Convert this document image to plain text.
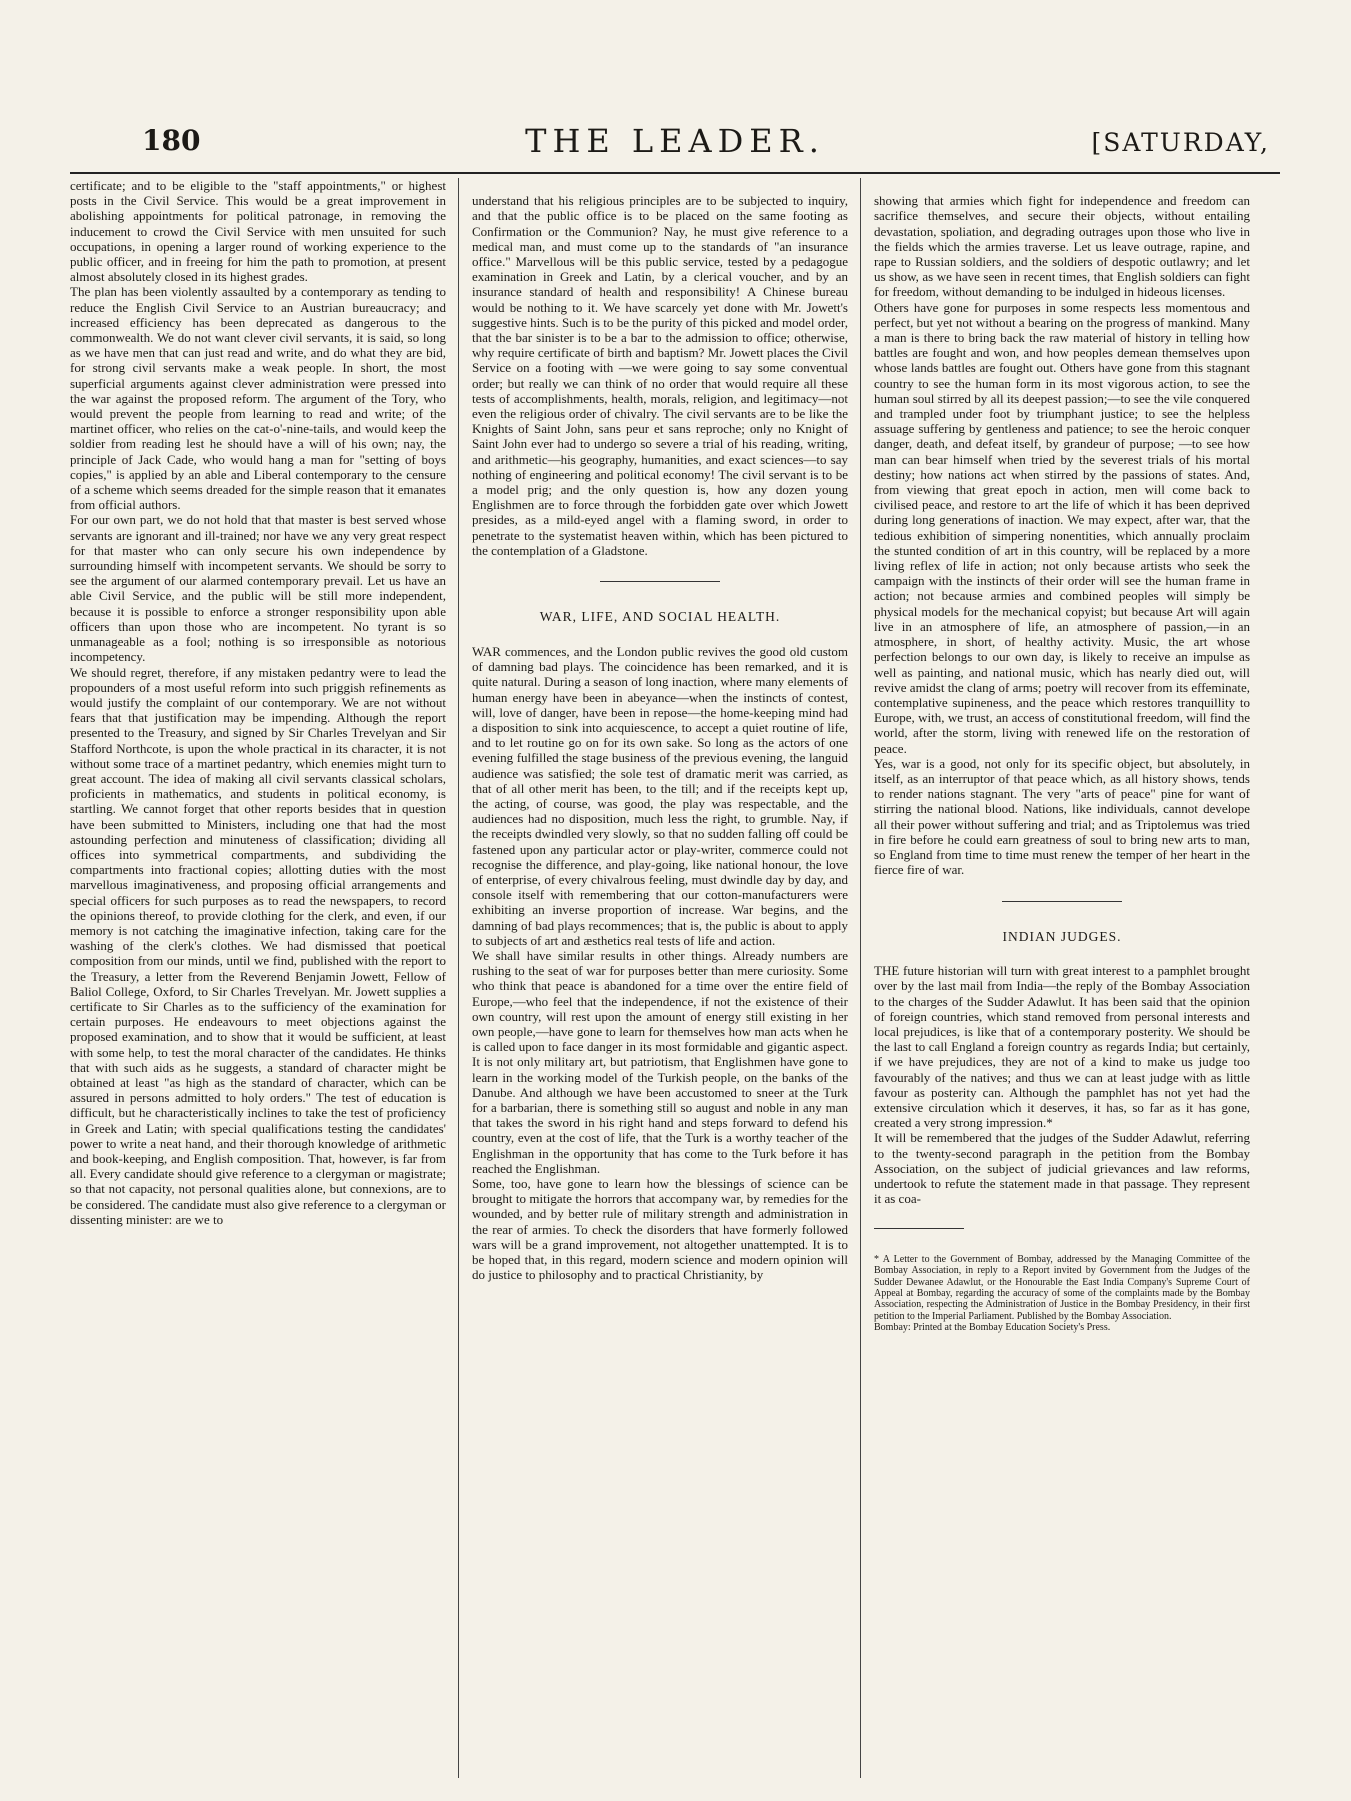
180	THE LEADER.	[SATURDAY,
certificate; and to be eligible to the "staff appointments," or highest posts in the Civil Service. This would be a great improvement in abolishing appointments for political patronage, in removing the inducement to crowd the Civil Service with men unsuited for such occupations, in opening a larger round of working experience to the public officer, and in freeing for him the path to promotion, at present almost absolutely closed in its highest grades.
The plan has been violently assaulted by a contemporary as tending to reduce the English Civil Service to an Austrian bureaucracy; and increased efficiency has been deprecated as dangerous to the commonwealth. We do not want clever civil servants, it is said, so long as we have men that can just read and write, and do what they are bid, for strong civil servants make a weak people. In short, the most superficial arguments against clever administration were pressed into the war against the proposed reform. The argument of the Tory, who would prevent the people from learning to read and write; of the martinet officer, who relies on the cat-o'-nine-tails, and would keep the soldier from reading lest he should have a will of his own; nay, the principle of Jack Cade, who would hang a man for "setting of boys copies," is applied by an able and Liberal contemporary to the censure of a scheme which seems dreaded for the simple reason that it emanates from official authors.
For our own part, we do not hold that that master is best served whose servants are ignorant and ill-trained; nor have we any very great respect for that master who can only secure his own independence by surrounding himself with incompetent servants. We should be sorry to see the argument of our alarmed contemporary prevail. Let us have an able Civil Service, and the public will be still more independent, because it is possible to enforce a stronger responsibility upon able officers than upon those who are incompetent. No tyrant is so unmanageable as a fool; nothing is so irresponsible as notorious incompetency.
We should regret, therefore, if any mistaken pedantry were to lead the propounders of a most useful reform into such priggish refinements as would justify the complaint of our contemporary. We are not without fears that that justification may be impending. Although the report presented to the Treasury, and signed by Sir Charles Trevelyan and Sir Stafford Northcote, is upon the whole practical in its character, it is not without some trace of a martinet pedantry, which enemies might turn to great account. The idea of making all civil servants classical scholars, proficients in mathematics, and students in political economy, is startling. We cannot forget that other reports besides that in question have been submitted to Ministers, including one that had the most astounding perfection and minuteness of classification; dividing all offices into symmetrical compartments, and subdividing the compartments into fractional copies; allotting duties with the most marvellous imaginativeness, and proposing official arrangements and special officers for such purposes as to read the newspapers, to record the opinions thereof, to provide clothing for the clerk, and even, if our memory is not catching the imaginative infection, taking care for the washing of the clerk's clothes. We had dismissed that poetical composition from our minds, until we find, published with the report to the Treasury, a letter from the Reverend Benjamin Jowett, Fellow of Baliol College, Oxford, to Sir Charles Trevelyan. Mr. Jowett supplies a certificate to Sir Charles as to the sufficiency of the examination for certain purposes. He endeavours to meet objections against the proposed examination, and to show that it would be sufficient, at least with some help, to test the moral character of the candidates. He thinks that with such aids as he suggests, a standard of character might be obtained at least "as high as the standard of character, which can be assured in persons admitted to holy orders." The test of education is difficult, but he characteristically inclines to take the test of proficiency in Greek and Latin; with special qualifications testing the candidates' power to write a neat hand, and their thorough knowledge of arithmetic and book-keeping, and English composition. That, however, is far from all. Every candidate should give reference to a clergyman or magistrate; so that not capacity, not personal qualities alone, but connexions, are to be considered. The candidate must also give reference to a clergyman or dissenting minister: are we to

understand that his religious principles are to be subjected to inquiry, and that the public office is to be placed on the same footing as Confirmation or the Communion? Nay, he must give reference to a medical man, and must come up to the standards of "an insurance office." Marvellous will be this public service, tested by a pedagogue examination in Greek and Latin, by a clerical voucher, and by an insurance standard of health and responsibility! A Chinese bureau would be nothing to it. We have scarcely yet done with Mr. Jowett's suggestive hints. Such is to be the purity of this picked and model order, that the bar sinister is to be a bar to the admission to office; otherwise, why require certificate of birth and baptism? Mr. Jowett places the Civil Service on a footing with —we were going to say some conventual order; but really we can think of no order that would require all these tests of accomplishments, health, morals, religion, and legitimacy—not even the religious order of chivalry. The civil servants are to be like the Knights of Saint John, sans peur et sans reproche; only no Knight of Saint John ever had to undergo so severe a trial of his reading, writing, and arithmetic—his geography, humanities, and exact sciences—to say nothing of engineering and political economy! The civil servant is to be a model prig; and the only question is, how any dozen young Englishmen are to force through the forbidden gate over which Jowett presides, as a mild-eyed angel with a flaming sword, in order to penetrate to the systematist heaven within, which has been pictured to the contemplation of a Gladstone.

WAR, LIFE, AND SOCIAL HEALTH.

WAR commences, and the London public revives the good old custom of damning bad plays. The coincidence has been remarked, and it is quite natural. During a season of long inaction, where many elements of human energy have been in abeyance—when the instincts of contest, will, love of danger, have been in repose—the home-keeping mind had a disposition to sink into acquiescence, to accept a quiet routine of life, and to let routine go on for its own sake. So long as the actors of one evening fulfilled the stage business of the previous evening, the languid audience was satisfied; the sole test of dramatic merit was carried, as that of all other merit has been, to the till; and if the receipts kept up, the acting, of course, was good, the play was respectable, and the audiences had no disposition, much less the right, to grumble. Nay, if the receipts dwindled very slowly, so that no sudden falling off could be fastened upon any particular actor or play-writer, commerce could not recognise the difference, and play-going, like national honour, the love of enterprise, of every chivalrous feeling, must dwindle day by day, and console itself with remembering that our cotton-manufacturers were exhibiting an inverse proportion of increase. War begins, and the damning of bad plays recommences; that is, the public is about to apply to subjects of art and æsthetics real tests of life and action.
We shall have similar results in other things. Already numbers are rushing to the seat of war for purposes better than mere curiosity. Some who think that peace is abandoned for a time over the entire field of Europe,—who feel that the independence, if not the existence of their own country, will rest upon the amount of energy still existing in her own people,—have gone to learn for themselves how man acts when he is called upon to face danger in its most formidable and gigantic aspect. It is not only military art, but patriotism, that Englishmen have gone to learn in the working model of the Turkish people, on the banks of the Danube. And although we have been accustomed to sneer at the Turk for a barbarian, there is something still so august and noble in any man that takes the sword in his right hand and steps forward to defend his country, even at the cost of life, that the Turk is a worthy teacher of the Englishman in the opportunity that has come to the Turk before it has reached the Englishman.
Some, too, have gone to learn how the blessings of science can be brought to mitigate the horrors that accompany war, by remedies for the wounded, and by better rule of military strength and administration in the rear of armies. To check the disorders that have formerly followed wars will be a grand improvement, not altogether unattempted. It is to be hoped that, in this regard, modern science and modern opinion will do justice to philosophy and to practical Christianity, by

showing that armies which fight for independence and freedom can sacrifice themselves, and secure their objects, without entailing devastation, spoliation, and degrading outrages upon those who live in the fields which the armies traverse. Let us leave outrage, rapine, and rape to Russian soldiers, and the soldiers of despotic outlawry; and let us show, as we have seen in recent times, that English soldiers can fight for freedom, without demanding to be indulged in hideous licenses.
Others have gone for purposes in some respects less momentous and perfect, but yet not without a bearing on the progress of mankind. Many a man is there to bring back the raw material of history in telling how battles are fought and won, and how peoples demean themselves upon whose lands battles are fought out. Others have gone from this stagnant country to see the human form in its most vigorous action, to see the human soul stirred by all its deepest passion;—to see the vile conquered and trampled under foot by triumphant justice; to see the helpless assuage suffering by gentleness and patience; to see the heroic conquer danger, death, and defeat itself, by grandeur of purpose; —to see how man can bear himself when tried by the severest trials of his mortal destiny; how nations act when stirred by the passions of states. And, from viewing that great epoch in action, men will come back to civilised peace, and restore to art the life of which it has been deprived during long generations of inaction. We may expect, after war, that the tedious exhibition of simpering nonentities, which annually proclaim the stunted condition of art in this country, will be replaced by a more living reflex of life in action; not only because artists who seek the campaign with the instincts of their order will see the human frame in action; not because armies and combined peoples will simply be physical models for the mechanical copyist; but because Art will again live in an atmosphere of life, an atmosphere of passion,—in an atmosphere, in short, of healthy activity. Music, the art whose perfection belongs to our own day, is likely to receive an impulse as well as painting, and national music, which has nearly died out, will revive amidst the clang of arms; poetry will recover from its effeminate, contemplative supineness, and the peace which restores tranquillity to Europe, with, we trust, an access of constitutional freedom, will find the world, after the storm, living with renewed life on the restoration of peace.
Yes, war is a good, not only for its specific object, but absolutely, in itself, as an interruptor of that peace which, as all history shows, tends to render nations stagnant. The very "arts of peace" pine for want of stirring the national blood. Nations, like individuals, cannot develope all their power without suffering and trial; and as Triptolemus was tried in fire before he could earn greatness of soul to bring new arts to man, so England from time to time must renew the temper of her heart in the fierce fire of war.

INDIAN JUDGES.

THE future historian will turn with great interest to a pamphlet brought over by the last mail from India—the reply of the Bombay Association to the charges of the Sudder Adawlut. It has been said that the opinion of foreign countries, which stand removed from personal interests and local prejudices, is like that of a contemporary posterity. We should be the last to call England a foreign country as regards India; but certainly, if we have prejudices, they are not of a kind to make us judge too favourably of the natives; and thus we can at least judge with as little favour as posterity can. Although the pamphlet has not yet had the extensive circulation which it deserves, it has, so far as it has gone, created a very strong impression.*
It will be remembered that the judges of the Sudder Adawlut, referring to the twenty-second paragraph in the petition from the Bombay Association, on the subject of judicial grievances and law reforms, undertook to refute the statement made in that passage. They represent it as coa-

* A Letter to the Government of Bombay, addressed by the Managing Committee of the Bombay Association, in reply to a Report invited by Government from the Judges of the Sudder Dewanee Adawlut, or the Honourable the East India Company's Supreme Court of Appeal at Bombay, regarding the accuracy of some of the complaints made by the Bombay Association, respecting the Administration of Justice in the Bombay Presidency, in their first petition to the Imperial Parliament. Published by the Bombay Association.
Bombay: Printed at the Bombay Education Society's Press.
